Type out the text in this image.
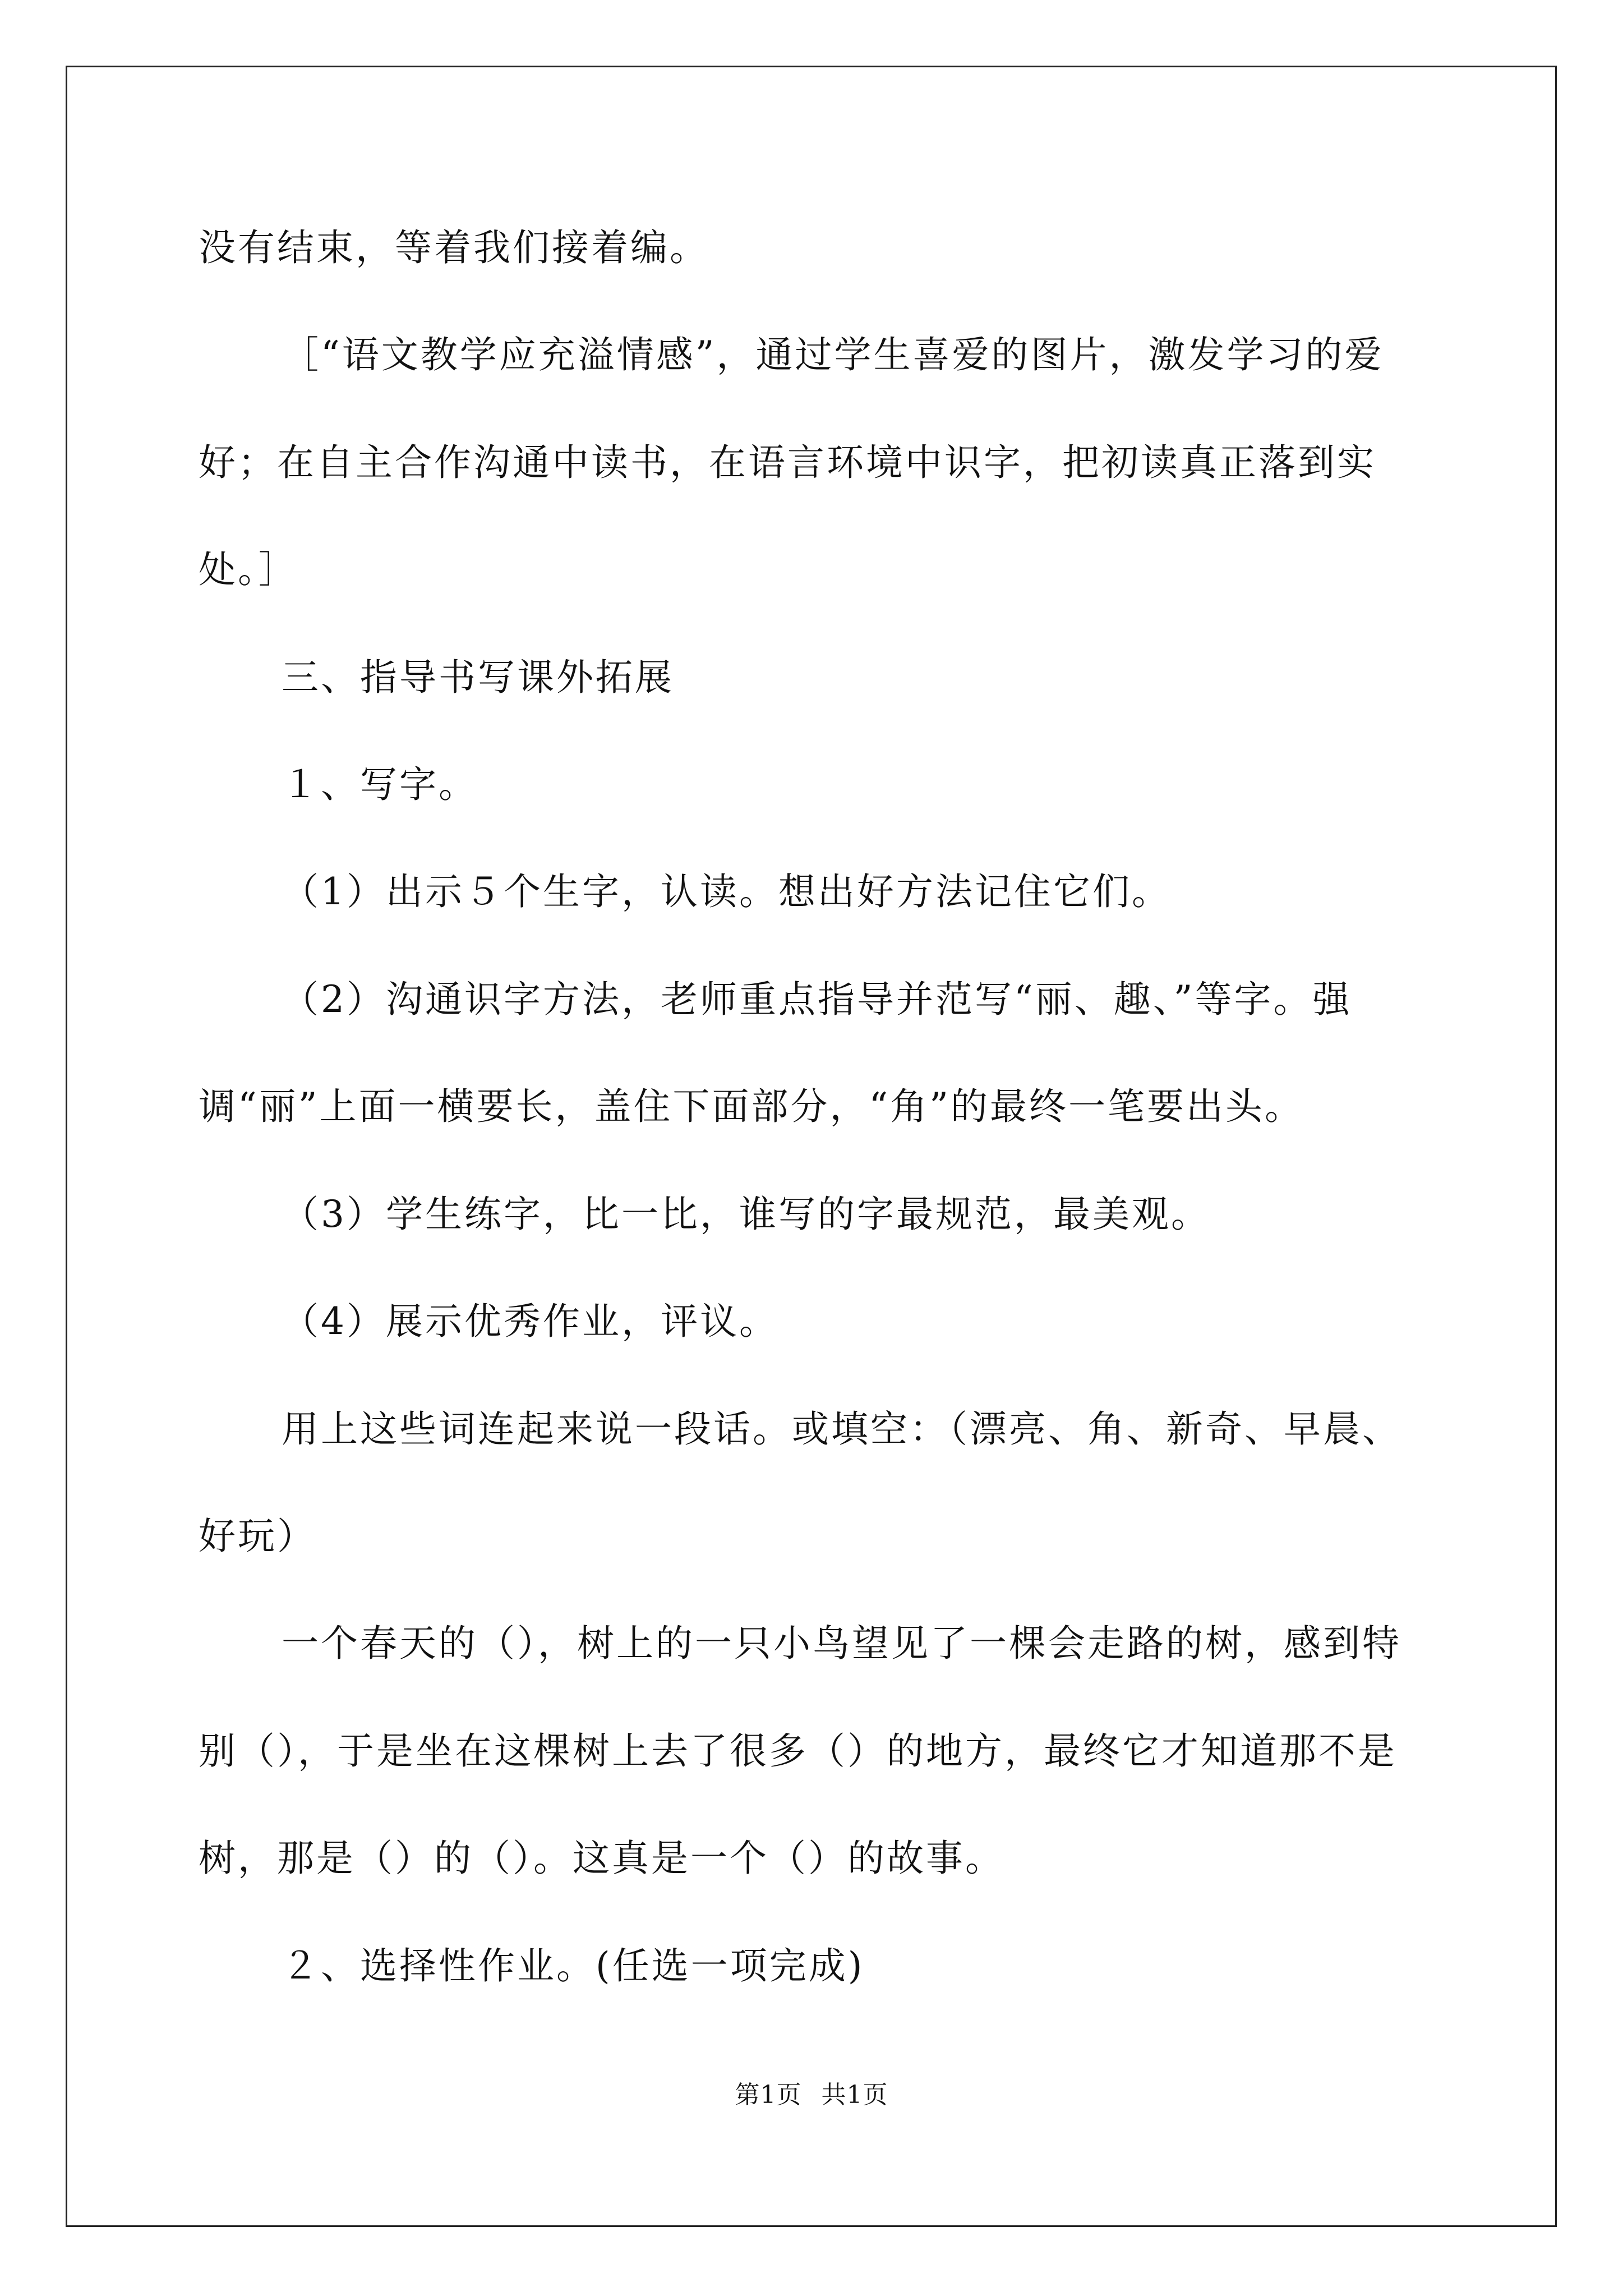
没有结束，等着我们接着编。
［“语文教学应充溢情感”，通过学生喜爱的图片，激发学习的爱
好；在自主合作沟通中读书，在语言环境中识字，把初读真正落到实
处。］
三、指导书写课外拓展
１、写字。
（1）出示５个生字，认读。想出好方法记住它们。
（2）沟通识字方法，老师重点指导并范写“丽、趣、”等字。强
调“丽”上面一横要长，盖住下面部分，“角”的最终一笔要出头。
（3）学生练字，比一比，谁写的字最规范，最美观。
（4）展示优秀作业，评议。
用上这些词连起来说一段话。或填空：（漂亮、角、新奇、早晨、
好玩）
一个春天的（），树上的一只小鸟望见了一棵会走路的树，感到特
别（），于是坐在这棵树上去了很多（）的地方，最终它才知道那不是
树，那是（）的（）。这真是一个（）的故事。
２、选择性作业。(任选一项完成)
第1页 共1页
